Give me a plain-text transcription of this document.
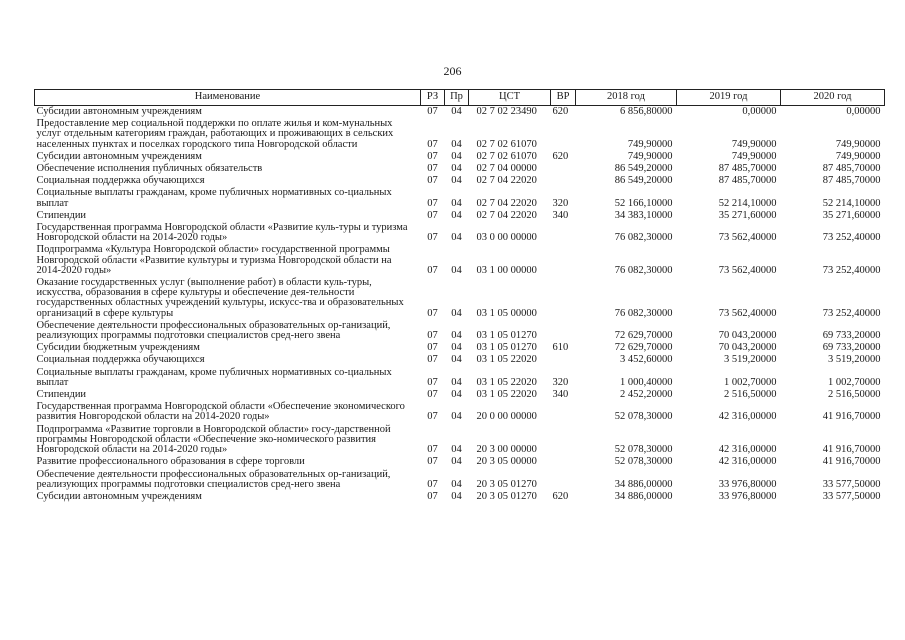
206
Наименование	РЗ	Пр	ЦСТ	ВР	2018 год	2019 год	2020 год
Субсидии автономным учреждениям	07	04	02 7 02 23490	620	6 856,80000	0,00000	0,00000
Предоставление мер социальной поддержки по оплате жилья и ком-мунальных услуг отдельным категориям граждан, работающих и проживающих в сельских населенных пунктах и поселках городского типа Новгородской области	07	04	02 7 02 61070		749,90000	749,90000	749,90000
Субсидии автономным учреждениям	07	04	02 7 02 61070	620	749,90000	749,90000	749,90000
Обеспечение исполнения публичных обязательств	07	04	02 7 04 00000		86 549,20000	87 485,70000	87 485,70000
Социальная поддержка обучающихся	07	04	02 7 04 22020		86 549,20000	87 485,70000	87 485,70000
Социальные выплаты гражданам, кроме публичных нормативных со-циальных выплат	07	04	02 7 04 22020	320	52 166,10000	52 214,10000	52 214,10000
Стипендии	07	04	02 7 04 22020	340	34 383,10000	35 271,60000	35 271,60000
Государственная программа Новгородской области «Развитие куль-туры и туризма Новгородской области на 2014-2020 годы»	07	04	03 0 00 00000		76 082,30000	73 562,40000	73 252,40000
Подпрограмма «Культура Новгородской области» государственной программы Новгородской области «Развитие культуры и туризма Новгородской области на 2014-2020 годы»	07	04	03 1 00 00000		76 082,30000	73 562,40000	73 252,40000
Оказание государственных услуг (выполнение работ) в области куль-туры, искусства, образования в сфере культуры и обеспечение дея-тельности государственных областных учреждений культуры, искусс-тва и образовательных организаций в сфере культуры	07	04	03 1 05 00000		76 082,30000	73 562,40000	73 252,40000
Обеспечение деятельности профессиональных образовательных ор-ганизаций, реализующих программы подготовки специалистов сред-него звена	07	04	03 1 05 01270		72 629,70000	70 043,20000	69 733,20000
Субсидии бюджетным учреждениям	07	04	03 1 05 01270	610	72 629,70000	70 043,20000	69 733,20000
Социальная поддержка обучающихся	07	04	03 1 05 22020		3 452,60000	3 519,20000	3 519,20000
Социальные выплаты гражданам, кроме публичных нормативных со-циальных выплат	07	04	03 1 05 22020	320	1 000,40000	1 002,70000	1 002,70000
Стипендии	07	04	03 1 05 22020	340	2 452,20000	2 516,50000	2 516,50000
Государственная программа Новгородской области «Обеспечение экономического развития Новгородской области на 2014-2020 годы»	07	04	20 0 00 00000		52 078,30000	42 316,00000	41 916,70000
Подпрограмма «Развитие торговли в Новгородской области» госу-дарственной программы Новгородской области «Обеспечение эко-номического развития Новгородской области на 2014-2020 годы»	07	04	20 3 00 00000		52 078,30000	42 316,00000	41 916,70000
Развитие профессионального образования в сфере торговли	07	04	20 3 05 00000		52 078,30000	42 316,00000	41 916,70000
Обеспечение деятельности профессиональных образовательных ор-ганизаций, реализующих программы подготовки специалистов сред-него звена	07	04	20 3 05 01270		34 886,00000	33 976,80000	33 577,50000
Субсидии автономным учреждениям	07	04	20 3 05 01270	620	34 886,00000	33 976,80000	33 577,50000
